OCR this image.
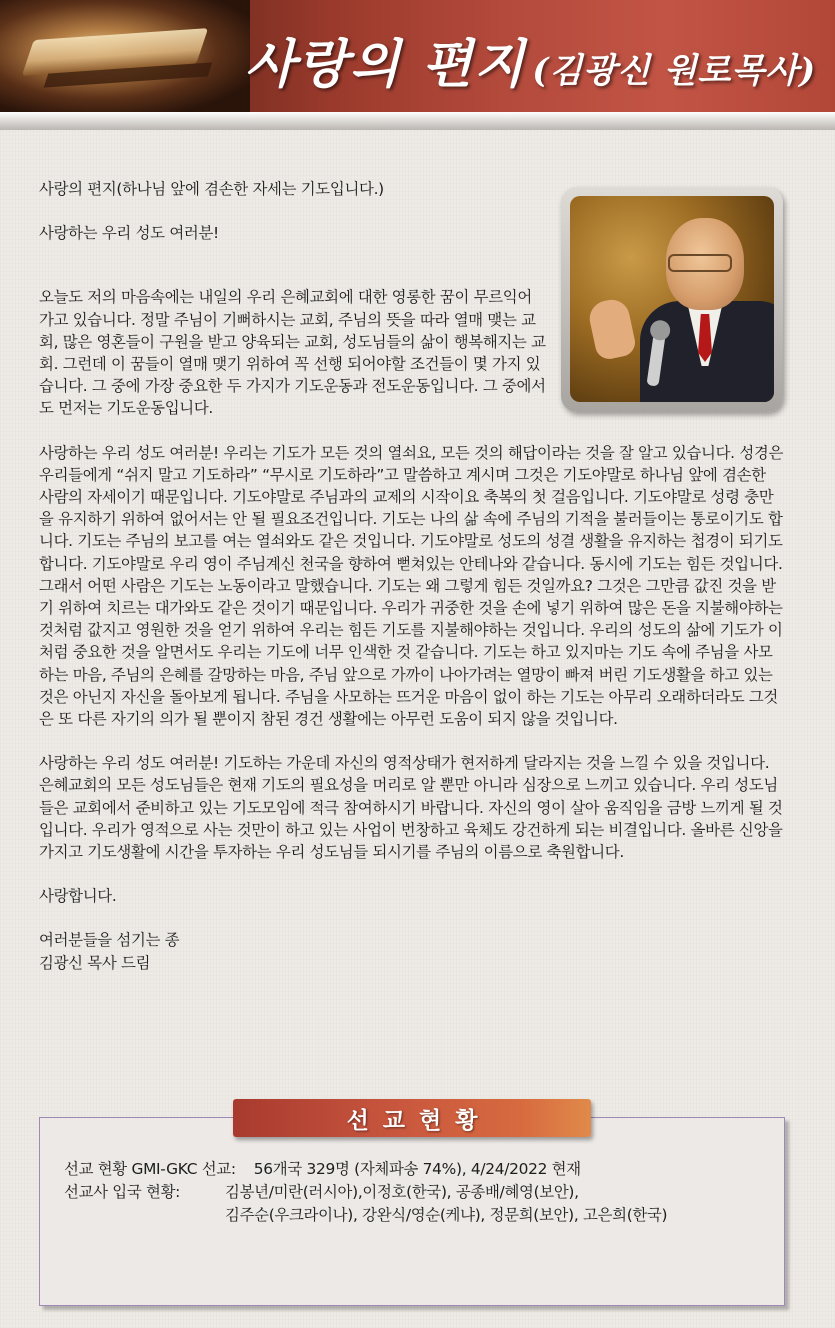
사랑의 편지 (김광신 원로목사)

사랑의 편지(하나님 앞에 겸손한 자세는 기도입니다.)

사랑하는 우리 성도 여러분!

오늘도 저의 마음속에는 내일의 우리 은혜교회에 대한 영롱한 꿈이 무르익어 가고 있습니다. 정말 주님이 기뻐하시는 교회, 주님의 뜻을 따라 열매 맺는 교회, 많은 영혼들이 구원을 받고 양육되는 교회, 성도님들의 삶이 행복해지는 교회. 그런데 이 꿈들이 열매 맺기 위하여 꼭 선행 되어야할 조건들이 몇 가지 있습니다. 그 중에 가장 중요한 두 가지가 기도운동과 전도운동입니다. 그 중에서도 먼저는 기도운동입니다.

사랑하는 우리 성도 여러분! 우리는 기도가 모든 것의 열쇠요, 모든 것의 해답이라는 것을 잘 알고 있습니다. 성경은 우리들에게 “쉬지 말고 기도하라” “무시로 기도하라”고 말씀하고 계시며 그것은 기도야말로 하나님 앞에 겸손한 사람의 자세이기 때문입니다. 기도야말로 주님과의 교제의 시작이요 축복의 첫 걸음입니다. 기도야말로 성령 충만을 유지하기 위하여 없어서는 안 될 필요조건입니다. 기도는 나의 삶 속에 주님의 기적을 불러들이는 통로이기도 합니다. 기도는 주님의 보고를 여는 열쇠와도 같은 것입니다. 기도야말로 성도의 성결 생활을 유지하는 첩경이 되기도 합니다. 기도야말로 우리 영이 주님계신 천국을 향하여 뻗쳐있는 안테나와 같습니다. 동시에 기도는 힘든 것입니다. 그래서 어떤 사람은 기도는 노동이라고 말했습니다. 기도는 왜 그렇게 힘든 것일까요? 그것은 그만큼 값진 것을 받기 위하여 치르는 대가와도 같은 것이기 때문입니다. 우리가 귀중한 것을 손에 넣기 위하여 많은 돈을 지불해야하는 것처럼 값지고 영원한 것을 얻기 위하여 우리는 힘든 기도를 지불해야하는 것입니다. 우리의 성도의 삶에 기도가 이처럼 중요한 것을 알면서도 우리는 기도에 너무 인색한 것 같습니다. 기도는 하고 있지마는 기도 속에 주님을 사모하는 마음, 주님의 은혜를 갈망하는 마음, 주님 앞으로 가까이 나아가려는 열망이 빠져 버린 기도생활을 하고 있는 것은 아닌지 자신을 돌아보게 됩니다. 주님을 사모하는 뜨거운 마음이 없이 하는 기도는 아무리 오래하더라도 그것은 또 다른 자기의 의가 될 뿐이지 참된 경건 생활에는 아무런 도움이 되지 않을 것입니다.

사랑하는 우리 성도 여러분! 기도하는 가운데 자신의 영적상태가 현저하게 달라지는 것을 느낄 수 있을 것입니다. 은혜교회의 모든 성도님들은 현재 기도의 필요성을 머리로 알 뿐만 아니라 심장으로 느끼고 있습니다. 우리 성도님들은 교회에서 준비하고 있는 기도모임에 적극 참여하시기 바랍니다. 자신의 영이 살아 움직임을 금방 느끼게 될 것입니다. 우리가 영적으로 사는 것만이 하고 있는 사업이 번창하고 육체도 강건하게 되는 비결입니다. 올바른 신앙을 가지고 기도생활에 시간을 투자하는 우리 성도님들 되시기를 주님의 이름으로 축원합니다.

사랑합니다.

여러분들을 섬기는 종

김광신 목사 드림

선교현황
선교 현황 GMI-GKC 선교: 56개국 329명 (자체파송 74%), 4/24/2022 현재
선교사 입국 현황:	김봉년/미란(러시아),이정호(한국), 공종배/혜영(보안),
김주순(우크라이나), 강완식/영순(케냐), 정문희(보안), 고은희(한국)
